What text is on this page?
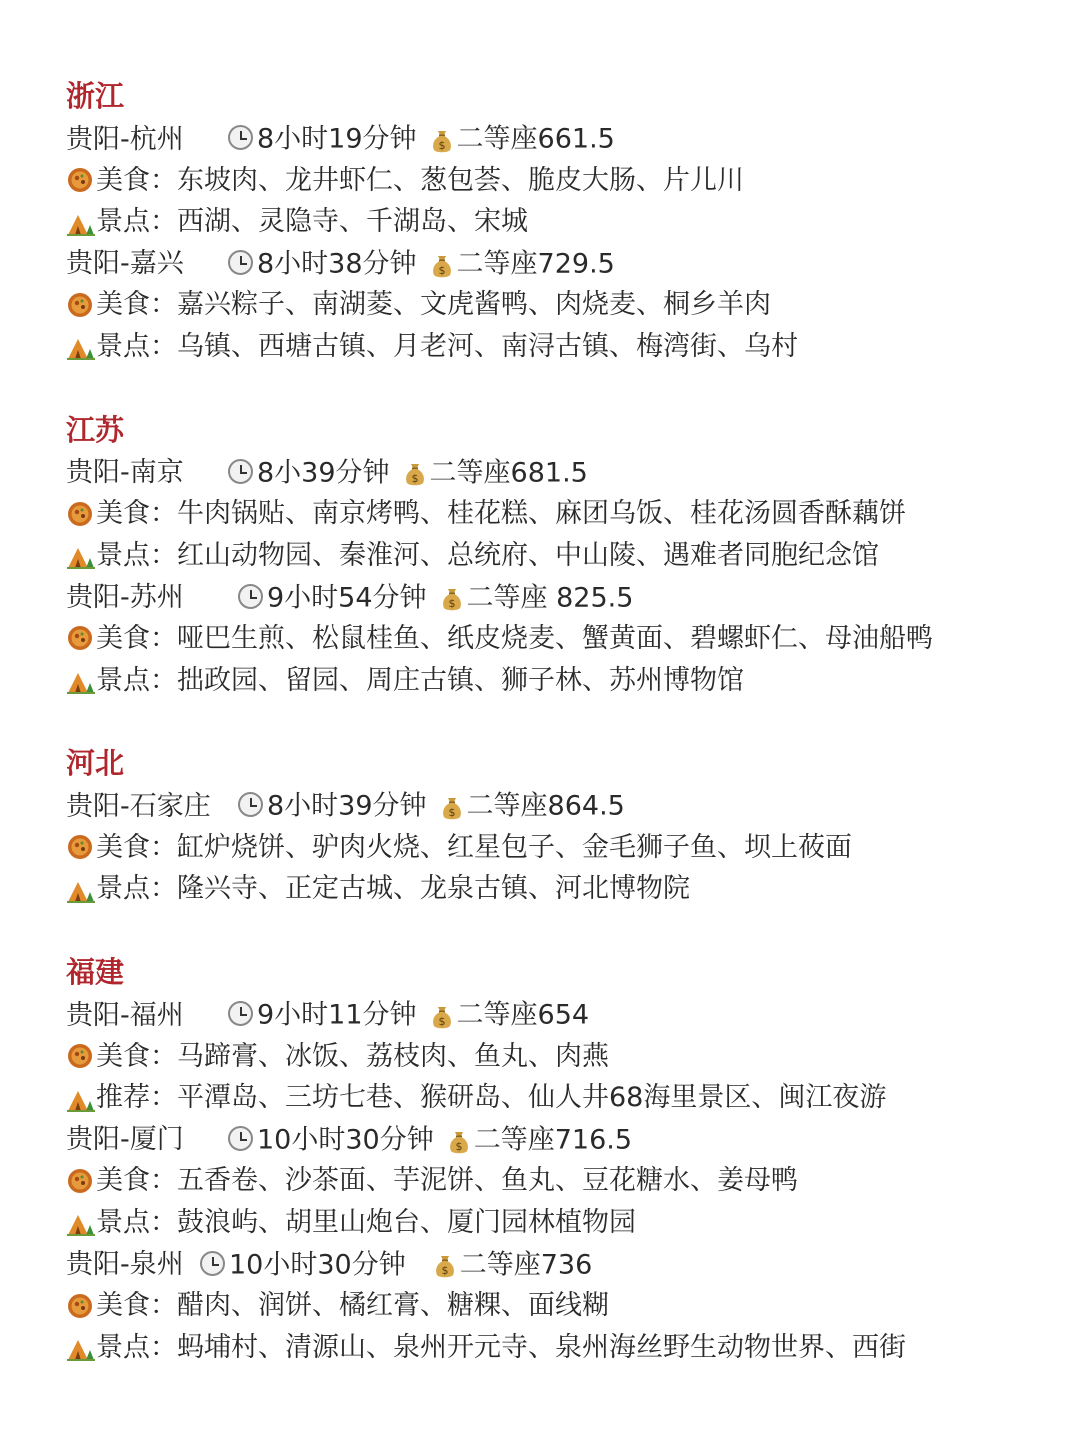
浙江
贵阳-杭州	8小时19分钟 $ 二等座661.5
美食：东坡肉、龙井虾仁、葱包荟、脆皮大肠、片儿川
景点：西湖、灵隐寺、千湖岛、宋城
贵阳-嘉兴	8小时38分钟 $ 二等座729.5
美食：嘉兴粽子、南湖菱、文虎酱鸭、肉烧麦、桐乡羊肉
景点：乌镇、西塘古镇、月老河、南浔古镇、梅湾街、乌村
江苏
贵阳-南京	8小39分钟 $ 二等座681.5
美食：牛肉锅贴、南京烤鸭、桂花糕、麻团乌饭、桂花汤圆香酥藕饼
景点：红山动物园、秦淮河、总统府、中山陵、遇难者同胞纪念馆
贵阳-苏州	9小时54分钟 $ 二等座 825.5
美食：哑巴生煎、松鼠桂鱼、纸皮烧麦、蟹黄面、碧螺虾仁、母油船鸭
景点：拙政园、留园、周庄古镇、狮子林、苏州博物馆
河北
贵阳-石家庄 8小时39分钟 $ 二等座864.5
美食：缸炉烧饼、驴肉火烧、红星包子、金毛狮子鱼、坝上莜面
景点：隆兴寺、正定古城、龙泉古镇、河北博物院
福建
贵阳-福州	9小时11分钟 $ 二等座654
美食：马蹄膏、冰饭、荔枝肉、鱼丸、肉燕
推荐：平潭岛、三坊七巷、猴研岛、仙人井68海里景区、闽江夜游
贵阳-厦门	10小时30分钟 $ 二等座716.5
美食：五香卷、沙茶面、芋泥饼、鱼丸、豆花糖水、姜母鸭
景点：鼓浪屿、胡里山炮台、厦门园林植物园
贵阳-泉州 10小时30分钟	$ 二等座736
美食：醋肉、润饼、橘红膏、糖粿、面线糊
景点：蚂埔村、清源山、泉州开元寺、泉州海丝野生动物世界、西街
